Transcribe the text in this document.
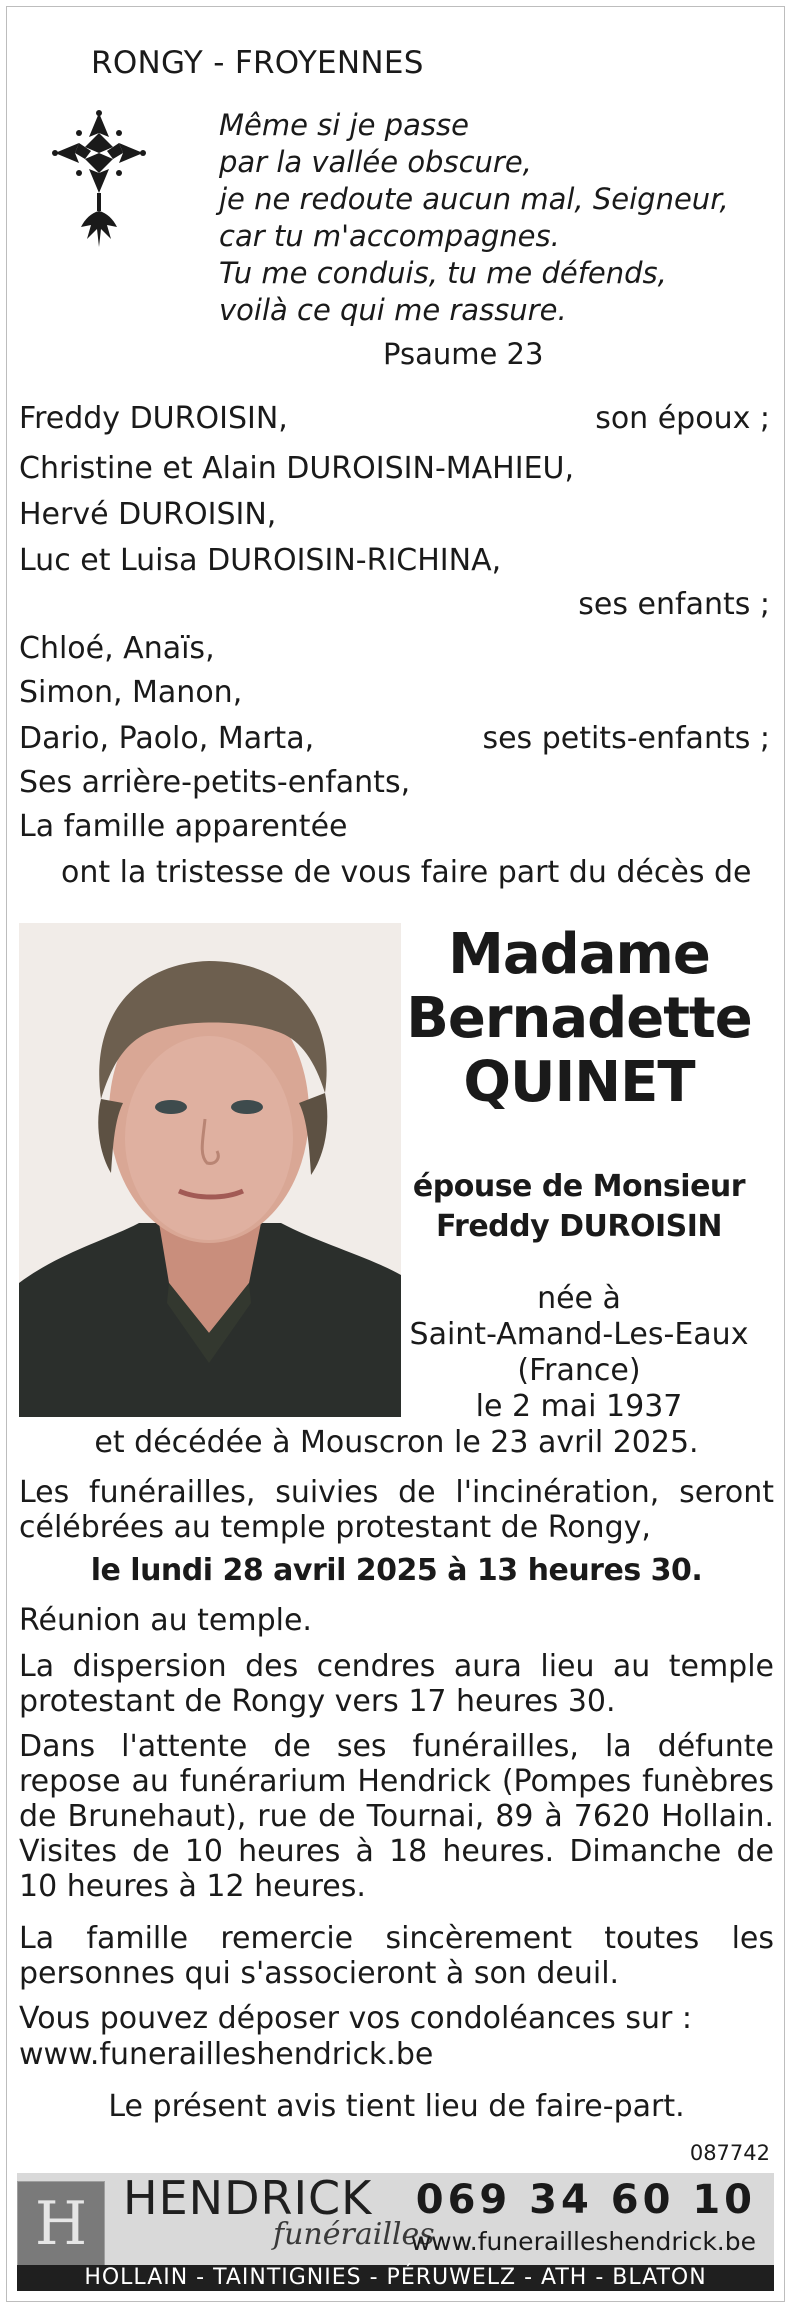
RONGY - FROYENNES
Même si je passe
par la vallée obscure,
je ne redoute aucun mal, Seigneur,
car tu m'accompagnes.
Tu me conduis, tu me défends,
voilà ce qui me rassure.
Psaume 23
Freddy DUROISIN,	son époux ;
Christine et Alain DUROISIN-MAHIEU,
Hervé DUROISIN,
Luc et Luisa DUROISIN-RICHINA,
ses enfants ;
Chloé, Anaïs,
Simon, Manon,
Dario, Paolo, Marta,	ses petits-enfants ;
Ses arrière-petits-enfants,
La famille apparentée
ont la tristesse de vous faire part du décès de
Madame
Bernadette
QUINET
épouse de Monsieur
Freddy DUROISIN
née à
Saint-Amand-Les-Eaux
(France)
le 2 mai 1937
et décédée à Mouscron le 23 avril 2025.
Les funérailles, suivies de l'incinération, seront célébrées au temple protestant de Rongy,
le lundi 28 avril 2025 à 13 heures 30.
Réunion au temple.
La dispersion des cendres aura lieu au temple protestant de Rongy vers 17 heures 30.
Dans l'attente de ses funérailles, la défunte repose au funérarium Hendrick (Pompes funèbres de Brunehaut), rue de Tournai, 89 à 7620 Hollain. Visites de 10 heures à 18 heures. Dimanche de 10 heures à 12 heures.
La famille remercie sincèrement toutes les personnes qui s'associeront à son deuil.
Vous pouvez déposer vos condoléances sur :
www.funerailleshendrick.be
Le présent avis tient lieu de faire-part.
087742
H HENDRICK
funérailles
069 34 60 10
www.funerailleshendrick.be
HOLLAIN - TAINTIGNIES - PÉRUWELZ - ATH - BLATON
